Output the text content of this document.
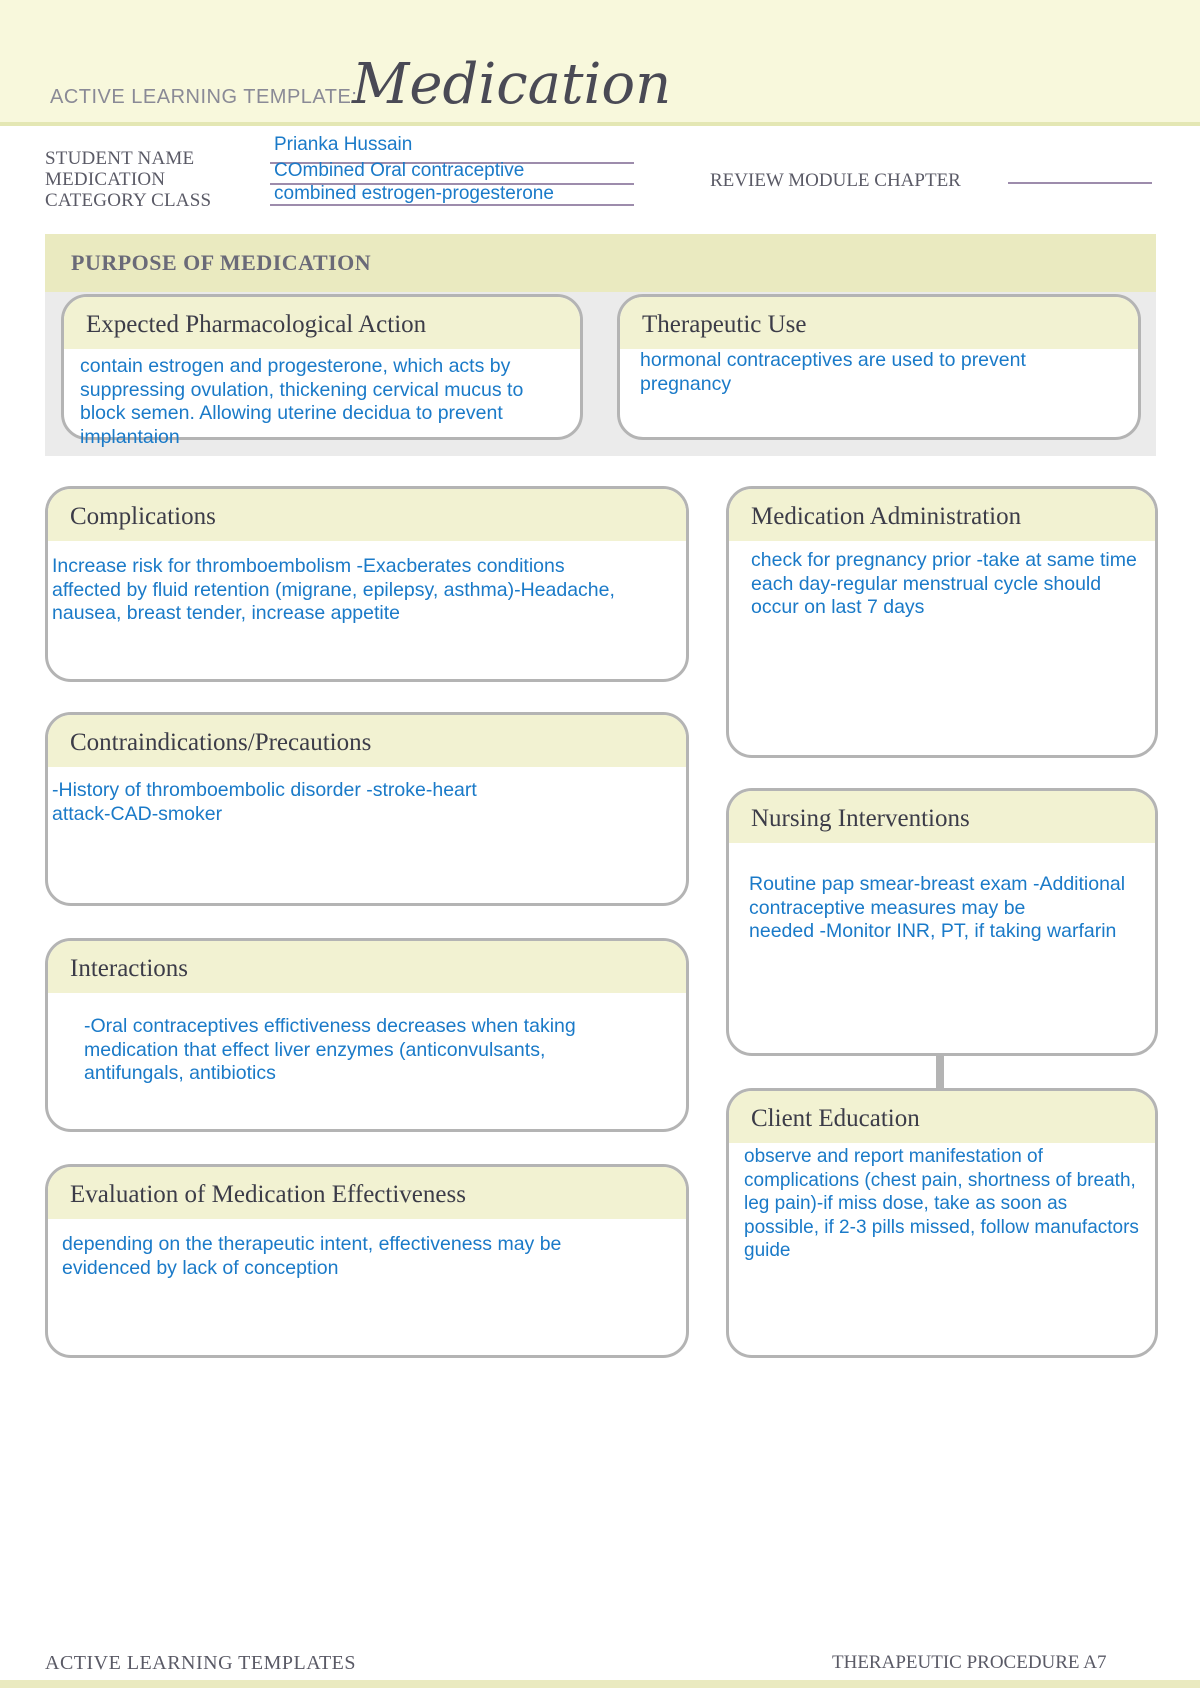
ACTIVE LEARNING TEMPLATE:
Medication
STUDENT NAME
Prianka Hussain
MEDICATION	COmbined Oral contraceptive
CATEGORY CLASS	combined estrogen-progesterone
REVIEW MODULE CHAPTER
PURPOSE OF MEDICATION
Expected Pharmacological Action
contain estrogen and progesterone, which acts by
suppressing ovulation, thickening cervical mucus to
block semen. Allowing uterine decidua to prevent
implantaion
Therapeutic Use
hormonal contraceptives are used to prevent
pregnancy
Complications
Increase risk for thromboembolism -Exacberates conditions
affected by fluid retention (migrane, epilepsy, asthma)-Headache,
nausea, breast tender, increase appetite
Contraindications/Precautions
-History of thromboembolic disorder -stroke-heart
attack-CAD-smoker
Interactions
-Oral contraceptives effictiveness decreases when taking
medication that effect liver enzymes (anticonvulsants,
antifungals, antibiotics
Evaluation of Medication Effectiveness
depending on the therapeutic intent, effectiveness may be
evidenced by lack of conception
Medication Administration
check for pregnancy prior -take at same time
each day-regular menstrual cycle should
occur on last 7 days
Nursing Interventions
Routine pap smear-breast exam -Additional
contraceptive measures may be
needed -Monitor INR, PT, if taking warfarin
Client Education
observe and report manifestation of
complications (chest pain, shortness of breath,
leg pain)-if miss dose, take as soon as
possible, if 2-3 pills missed, follow manufactors
guide
ACTIVE LEARNING TEMPLATES	THERAPEUTIC PROCEDURE A7
